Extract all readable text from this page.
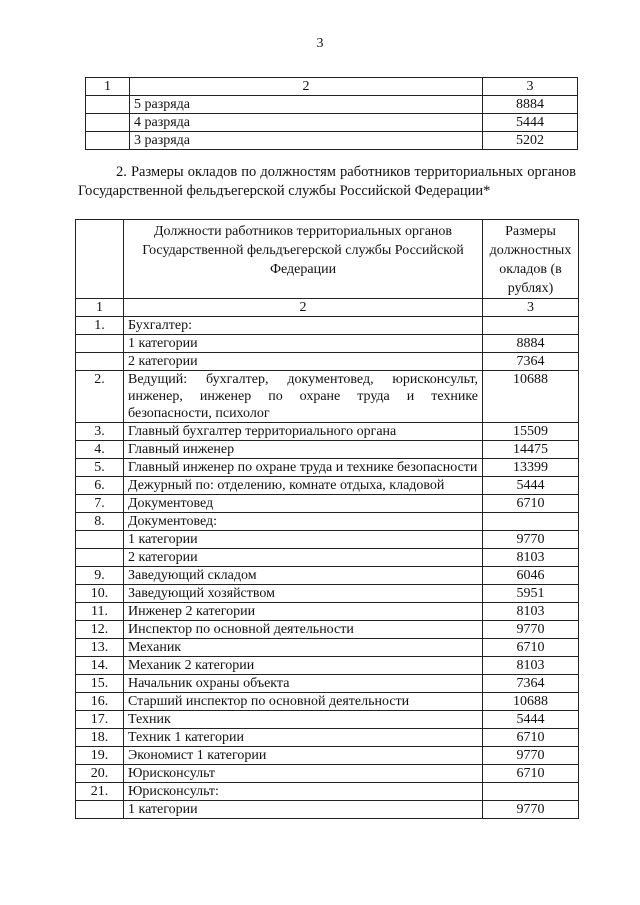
3
1	2	3
	5 разряда	8884
	4 разряда	5444
	3 разряда	5202
2. Размеры окладов по должностям работников территориальных органов Государственной фельдъегерской службы Российской Федерации*
	Должности работников территориальных органов Государственной фельдъегерской службы Российской Федерации	Размеры должностных окладов (в рублях)
1	2	3
1.	Бухгалтер:	
	1 категории	8884
	2 категории	7364
2.	Ведущий: бухгалтер, документовед, юрисконсульт, инженер, инженер по охране труда и технике безопасности, психолог	10688
3.	Главный бухгалтер территориального органа	15509
4.	Главный инженер	14475
5.	Главный инженер по охране труда и технике безопасности	13399
6.	Дежурный по: отделению, комнате отдыха, кладовой	5444
7.	Документовед	6710
8.	Документовед:	
	1 категории	9770
	2 категории	8103
9.	Заведующий складом	6046
10.	Заведующий хозяйством	5951
11.	Инженер 2 категории	8103
12.	Инспектор по основной деятельности	9770
13.	Механик	6710
14.	Механик 2 категории	8103
15.	Начальник охраны объекта	7364
16.	Старший инспектор по основной деятельности	10688
17.	Техник	5444
18.	Техник 1 категории	6710
19.	Экономист 1 категории	9770
20.	Юрисконсульт	6710
21.	Юрисконсульт:	
	1 категории	9770
